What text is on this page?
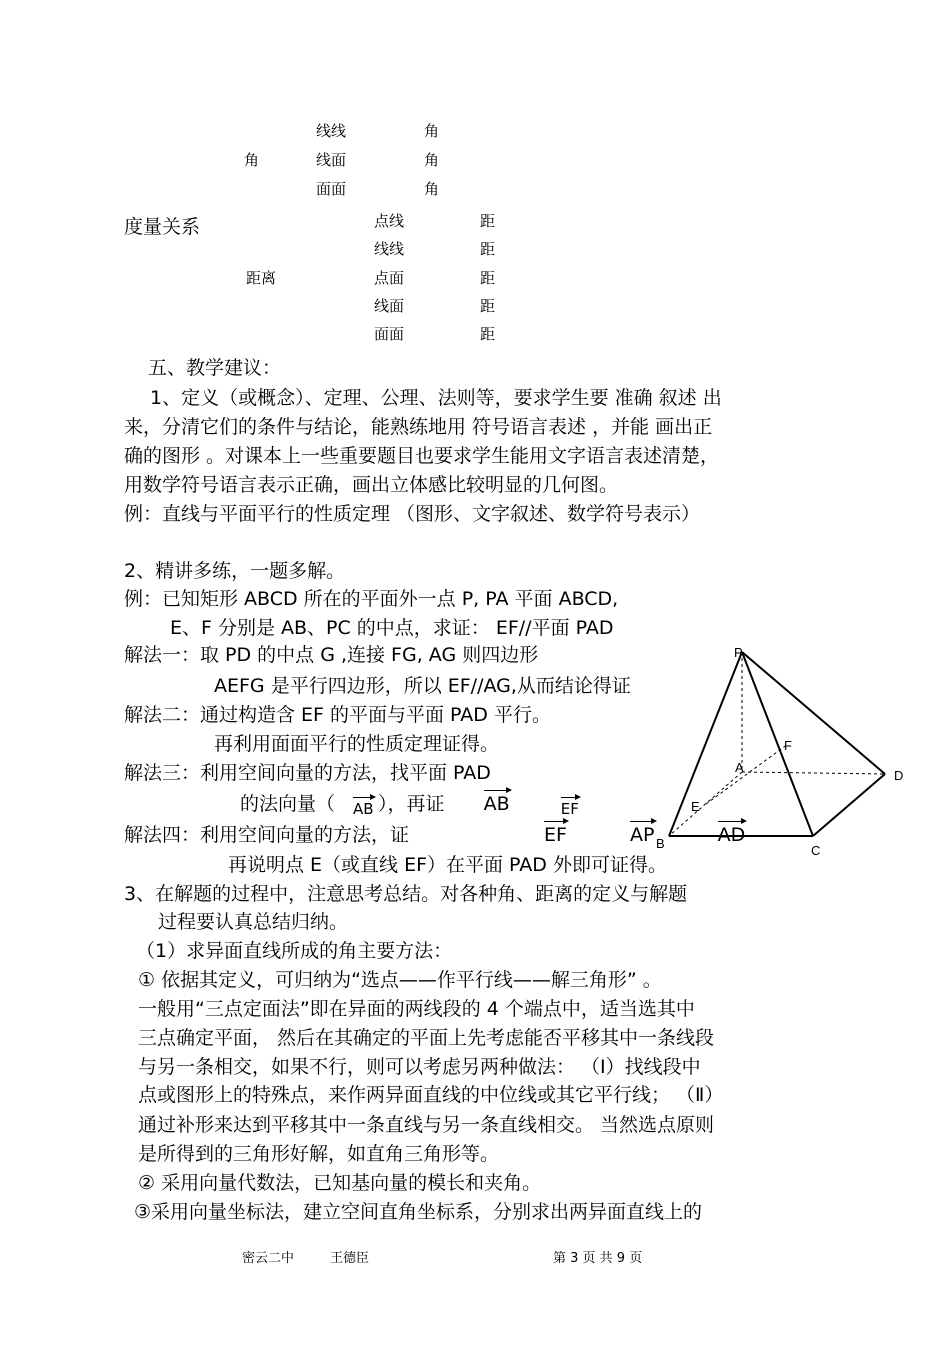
线线	角
角	线面	角
面面	角
度量关系	点线	距
线线	距
距离	点面	距
线面	距
面面	距
五、教学建议：
1、定义（或概念）、定理、公理、法则等，要求学生要 准确 叙述 出
来，分清它们的条件与结论，能熟练地用 符号语言表述 ，并能 画出正
确的图形 。对课本上一些重要题目也要求学生能用文字语言表述清楚，
用数学符号语言表示正确，画出立体感比较明显的几何图。
例：直线与平面平行的性质定理 （图形、文字叙述、数学符号表示）
2、精讲多练，一题多解。
例：已知矩形 ABCD 所在的平面外一点 P, PA 平面 ABCD,
E、F 分别是 AB、PC 的中点，求证： EF//平面 PAD
解法一：取 PD 的中点 G ,连接 FG, AG 则四边形
AEFG 是平行四边形，所以 EF//AG,从而结论得证
解法二：通过构造含 EF 的平面与平面 PAD 平行。
再利用面面平行的性质定理证得。
解法三：利用空间向量的方法，找平面 PAD
的法向量（ AB ），再证 AB	EF
解法四：利用空间向量的方法，证	EF	AP	AD
再说明点 E（或直线 EF）在平面 PAD 外即可证得。
3、在解题的过程中，注意思考总结。对各种角、距离的定义与解题
过程要认真总结归纳。
（1）求异面直线所成的角主要方法：
① 依据其定义，可归纳为“选点——作平行线——解三角形” 。
一般用“三点定面法”即在异面的两线段的 4 个端点中，适当选其中
三点确定平面， 然后在其确定的平面上先考虑能否平移其中一条线段
与另一条相交，如果不行，则可以考虑另两种做法： （Ⅰ）找线段中
点或图形上的特殊点，来作两异面直线的中位线或其它平行线； （Ⅱ）
通过补形来达到平移其中一条直线与另一条直线相交。 当然选点原则
是所得到的三角形好解，如直角三角形等。
② 采用向量代数法，已知基向量的模长和夹角。
③采用向量坐标法，建立空间直角坐标系，分别求出两异面直线上的
P
A
B	C
D
E
F
密云二中	王德臣	第 3 页 共 9 页
